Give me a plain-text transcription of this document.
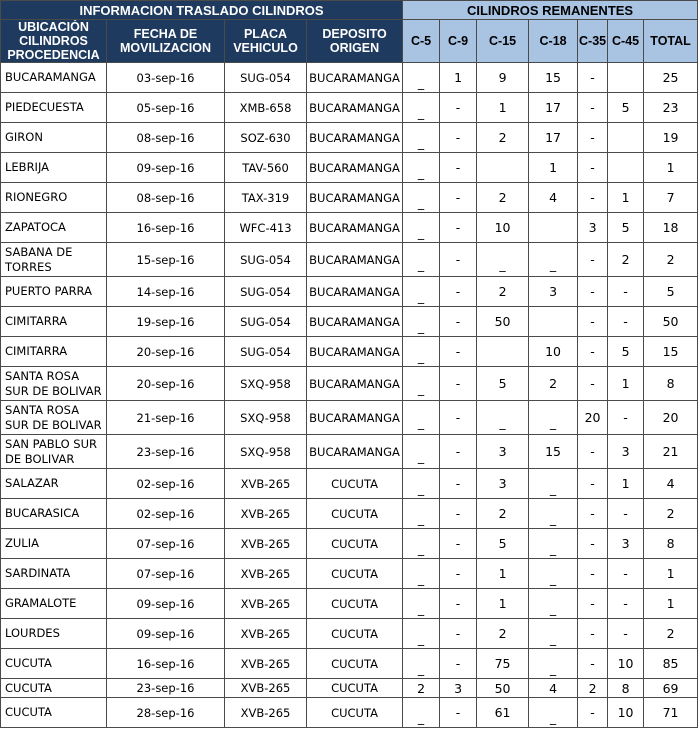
INFORMACION TRASLADO CILINDROS				CILINDROS REMANENTES						
UBICACIÓN CILINDROS PROCEDENCIA	FECHA DE MOVILIZACION	PLACA VEHICULO	DEPOSITO ORIGEN	C-5	C-9	C-15	C-18	C-35	C-45	TOTAL
BUCARAMANGA	03-sep-16	SUG-054	BUCARAMANGA	_	1	9	15	-		25
PIEDECUESTA	05-sep-16	XMB-658	BUCARAMANGA	_	-	1	17	-	5	23
GIRON	08-sep-16	SOZ-630	BUCARAMANGA	_	-	2	17	-		19
LEBRIJA	09-sep-16	TAV-560	BUCARAMANGA	_	-		1	-		1
RIONEGRO	08-sep-16	TAX-319	BUCARAMANGA	_	-	2	4	-	1	7
ZAPATOCA	16-sep-16	WFC-413	BUCARAMANGA	_	-	10		3	5	18
SABANA DE TORRES	15-sep-16	SUG-054	BUCARAMANGA	_	-	_	_	-	2	2
PUERTO PARRA	14-sep-16	SUG-054	BUCARAMANGA	_	-	2	3	-	-	5
CIMITARRA	19-sep-16	SUG-054	BUCARAMANGA	_	-	50		-	-	50
CIMITARRA	20-sep-16	SUG-054	BUCARAMANGA	_	-		10	-	5	15
SANTA ROSA SUR DE BOLIVAR	20-sep-16	SXQ-958	BUCARAMANGA	_	-	5	2	-	1	8
SANTA ROSA SUR DE BOLIVAR	21-sep-16	SXQ-958	BUCARAMANGA	_	-	_	_	20	-	20
SAN PABLO SUR DE BOLIVAR	23-sep-16	SXQ-958	BUCARAMANGA	_	-	3	15	-	3	21
SALAZAR	02-sep-16	XVB-265	CUCUTA	_	-	3	_	-	1	4
BUCARASICA	02-sep-16	XVB-265	CUCUTA	_	-	2	_	-	-	2
ZULIA	07-sep-16	XVB-265	CUCUTA	_	-	5	_	-	3	8
SARDINATA	07-sep-16	XVB-265	CUCUTA	_	-	1	_	-	-	1
GRAMALOTE	09-sep-16	XVB-265	CUCUTA	_	-	1	_	-	-	1
LOURDES	09-sep-16	XVB-265	CUCUTA	_	-	2	_	-	-	2
CUCUTA	16-sep-16	XVB-265	CUCUTA	_	-	75	_	-	10	85
CUCUTA	23-sep-16	XVB-265	CUCUTA	2	3	50	4	2	8	69
CUCUTA	28-sep-16	XVB-265	CUCUTA	_	-	61	_	-	10	71
